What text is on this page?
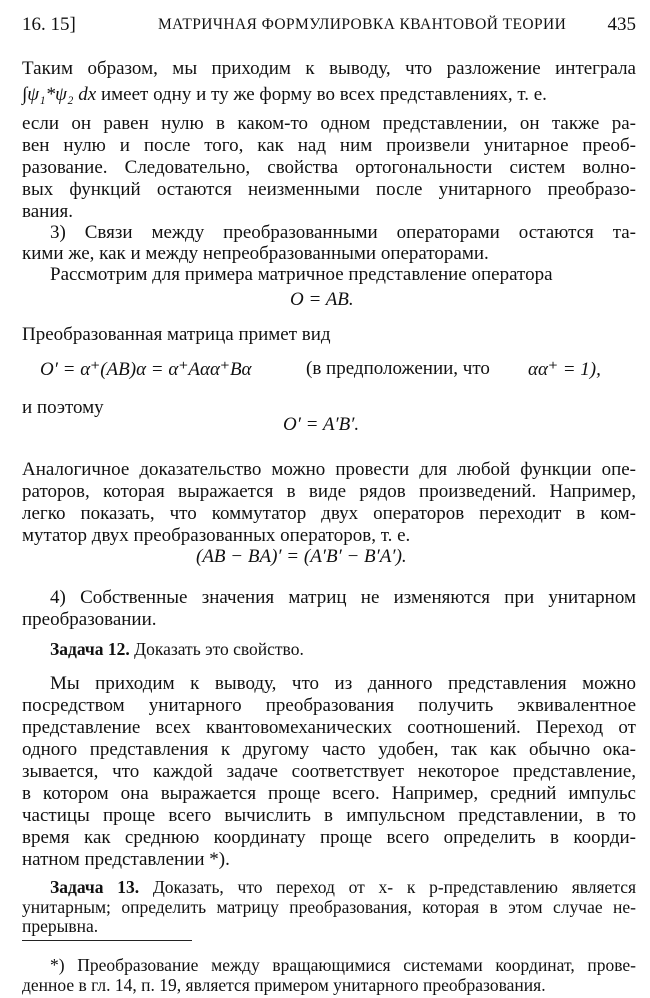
16. 15]	МАТРИЧНАЯ ФОРМУЛИРОВКА КВАНТОВОЙ ТЕОРИИ 435
Таким образом, мы приходим к выводу, что разложение интеграла
∫ψ₁*ψ₂ dx имеет одну и ту же форму во всех представлениях, т. е.
если он равен нулю в каком-то одном представлении, он также ра-
вен нулю и после того, как над ним произвели унитарное преоб-
разование. Следовательно, свойства ортогональности систем волно-
вых функций остаются неизменными после унитарного преобразо-
вания.
3) Связи между преобразованными операторами остаются та-
кими же, как и между непреобразованными операторами.
Рассмотрим для примера матричное представление оператора
O = AB.
Преобразованная матрица примет вид
O′ = α⁺(AB)α = α⁺Aαα⁺Bα	(в предположении, что αα⁺ = 1),
и поэтому
O′ = A′B′.
Аналогичное доказательство можно провести для любой функции опе-
раторов, которая выражается в виде рядов произведений. Например,
легко показать, что коммутатор двух операторов переходит в ком-
мутатор двух преобразованных операторов, т. е.
(AB − BA)′ = (A′B′ − B′A′).
4) Собственные значения матриц не изменяются при унитарном
преобразовании.
Задача 12. Доказать это свойство.
Мы приходим к выводу, что из данного представления можно
посредством унитарного преобразования получить эквивалентное
представление всех квантовомеханических соотношений. Переход от
одного представления к другому часто удобен, так как обычно ока-
зывается, что каждой задаче соответствует некоторое представление,
в котором она выражается проще всего. Например, средний импульс
частицы проще всего вычислить в импульсном представлении, в то
время как среднюю координату проще всего определить в коорди-
натном представлении *).
Задача 13. Доказать, что переход от x- к p-представлению является
унитарным; определить матрицу преобразования, которая в этом случае не-
прерывна.
*) Преобразование между вращающимися системами координат, прове-
денное в гл. 14, п. 19, является примером унитарного преобразования.
